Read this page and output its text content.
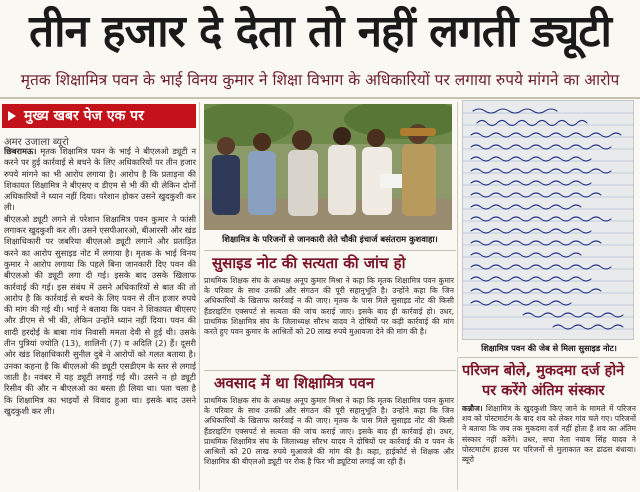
तीन हजार दे देता तो नहीं लगती ड्यूटी
मृतक शिक्षामित्र पवन के भाई विनय कुमार ने शिक्षा विभाग के अधिकारियों पर लगाया रुपये मांगने का आरोप
मुख्य खबर पेज एक पर
अमर उजाला ब्यूरो

छिबरामऊ। मृतक शिक्षामित्र पवन के भाई ने बीएलओ ड्यूटी न करने पर हुई कार्रवाई से बचने के लिए अधिकारियों पर तीन हजार रुपये मांगने का भी आरोप लगाया है। आरोप है कि प्रताड़ना की शिकायत शिक्षामित्र ने बीएसए व डीएम से भी की थी लेकिन दोनों अधिकारियों ने ध्यान नहीं दिया। परेशान होकर उसने खुदकुशी कर ली।

बीएलओ ड्यूटी लगने से परेशान शिक्षामित्र पवन कुमार ने फांसी लगाकर खुदकुशी कर ली। उसने एसपीआरओ, बीआरसी और खंड शिक्षाधिकारी पर जबरिया बीएलओ ड्यूटी लगाने और प्रताड़ित करने का आरोप सुसाइड नोट में लगाया है। मृतक के भाई विनय कुमार ने आरोप लगाया कि पहले बिना जानकारी दिए पवन की बीएलओ की ड्यूटी लगा दी गई। इसके बाद उसके खिलाफ कार्रवाई की गई। इस संबंध में उसने अधिकारियों से बात की तो आरोप है कि कार्रवाई से बचने के लिए पवन से तीन हजार रुपये की मांग की गई थी। भाई ने बताया कि पवन ने शिकायत बीएसए और डीएम से भी की, लेकिन उन्होंने ध्यान नहीं दिया। पवन की शादी हरदोई के बाबा गांव निवासी ममता देवी से हुई थी। उसके तीन पुत्रियां ज्योति (13), शालिनी (7) व अदिति (2) हैं। दूसरी ओर खंड शिक्षाधिकारी सुनील दुबे ने आरोपों को गलत बताया है। उनका कहना है कि बीएलओ की ड्यूटी एसडीएम के स्तर से लगाई जाती है। नवंबर में यह ड्यूटी लगाई गई थी। उसने न हो ड्यूटी रिसीव की और न बीएलओ का बस्ता ही लिया था। पता चला है कि शिक्षामित्र का भाइयों से विवाद हुआ था। इसके बाद उसने खुदकुशी कर ली।

शिक्षामित्र के परिजनों से जानकारी लेते चौकी इंचार्ज बसंतराम कुशवाहा।
शिक्षामित्र पवन की जेब से मिला सुसाइड नोट।
सुसाइड नोट की सत्यता की जांच हो
प्राथमिक शिक्षक संघ के अध्यक्ष अनूप कुमार मिश्रा ने कहा कि मृतक शिक्षामित्र पवन कुमार के परिवार के साथ उनकी और संगठन की पूरी सहानुभूति है। उन्होंने कहा कि जिन अधिकारियों के खिलाफ कार्रवाई न की जाए। मृतक के पास मिले सुसाइड नोट की किसी हैंडराइटिंग एक्सपर्ट से सत्यता की जांच कराई जाए। इसके बाद ही कार्रवाई हो। उधर, प्राथमिक शिक्षामित्र संघ के जिलाध्यक्ष सौरभ यादव ने दोषियों पर कड़ी कार्रवाई की मांग करते हुए पवन कुमार के आश्रितों को 20 लाख रुपये मुआवजा देने की मांग की है।
अवसाद में था शिक्षामित्र पवन
प्राथमिक शिक्षक संघ के अध्यक्ष अनूप कुमार मिश्रा ने कहा कि मृतक शिक्षामित्र पवन कुमार के परिवार के साथ उनकी और संगठन की पूरी सहानुभूति है। उन्होंने कहा कि जिन अधिकारियों के खिलाफ कार्रवाई न की जाए। मृतक के पास मिले सुसाइड नोट की किसी हैंडराइटिंग एक्सपर्ट से सत्यता की जांच कराई जाए। इसके बाद ही कार्रवाई हो। उधर, प्राथमिक शिक्षामित्र संघ के जिलाध्यक्ष सौरभ यादव ने दोषियों पर कार्रवाई की व पवन के आश्रितों को 20 लाख रुपये मुआवजे की मांग की है। कहा, हाईकोर्ट से शिक्षक और शिक्षामित्र की बीएलओ ड्यूटी पर रोक है फिर भी ड्यूटियां लगाई जा रही हैं।
परिजन बोले, मुकदमा दर्ज होने
पर करेंगे अंतिम संस्कार
कन्नौज। शिक्षामित्र के खुदकुशी किए जाने के मामले में परिजन शव को पोस्टमार्टम के बाद शव को लेकर गांव चले गए। परिजनों ने बताया कि जब तक मुकदमा दर्ज नहीं होता है शव का अंतिम संस्कार नहीं करेंगे। उधर, सपा नेता नवाब सिंह यादव ने पोस्टमार्टम हाउस पर परिजनों से मुलाकात कर ढांढस बंधाया। ब्यूरो
